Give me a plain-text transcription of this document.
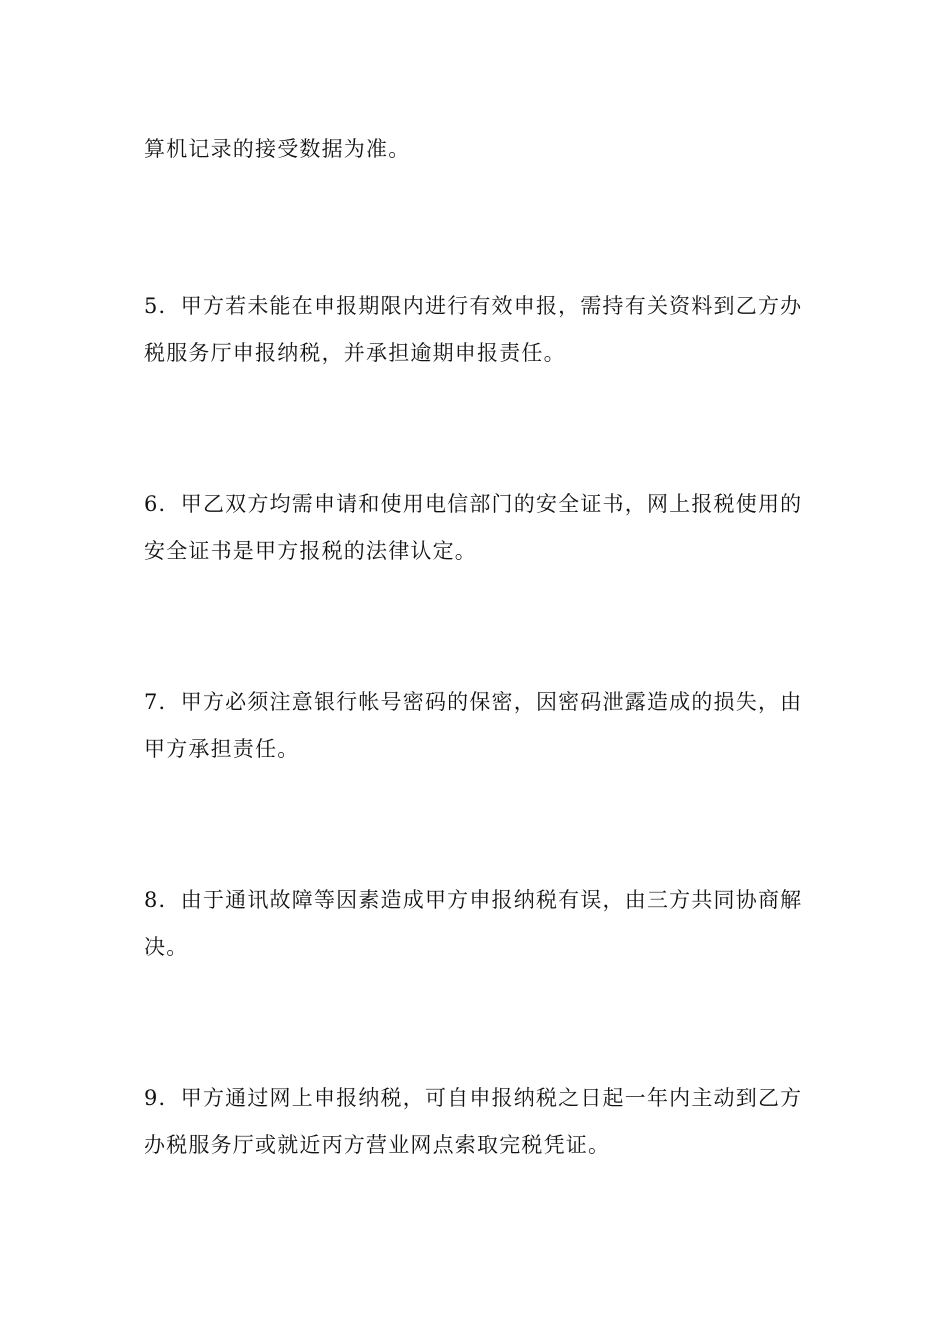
算机记录的接受数据为准。

5．甲方若未能在申报期限内进行有效申报，需持有关资料到乙方办
税服务厅申报纳税，并承担逾期申报责任。

6．甲乙双方均需申请和使用电信部门的安全证书，网上报税使用的
安全证书是甲方报税的法律认定。

7．甲方必须注意银行帐号密码的保密，因密码泄露造成的损失，由
甲方承担责任。

8．由于通讯故障等因素造成甲方申报纳税有误，由三方共同协商解
决。

9．甲方通过网上申报纳税，可自申报纳税之日起一年内主动到乙方
办税服务厅或就近丙方营业网点索取完税凭证。
